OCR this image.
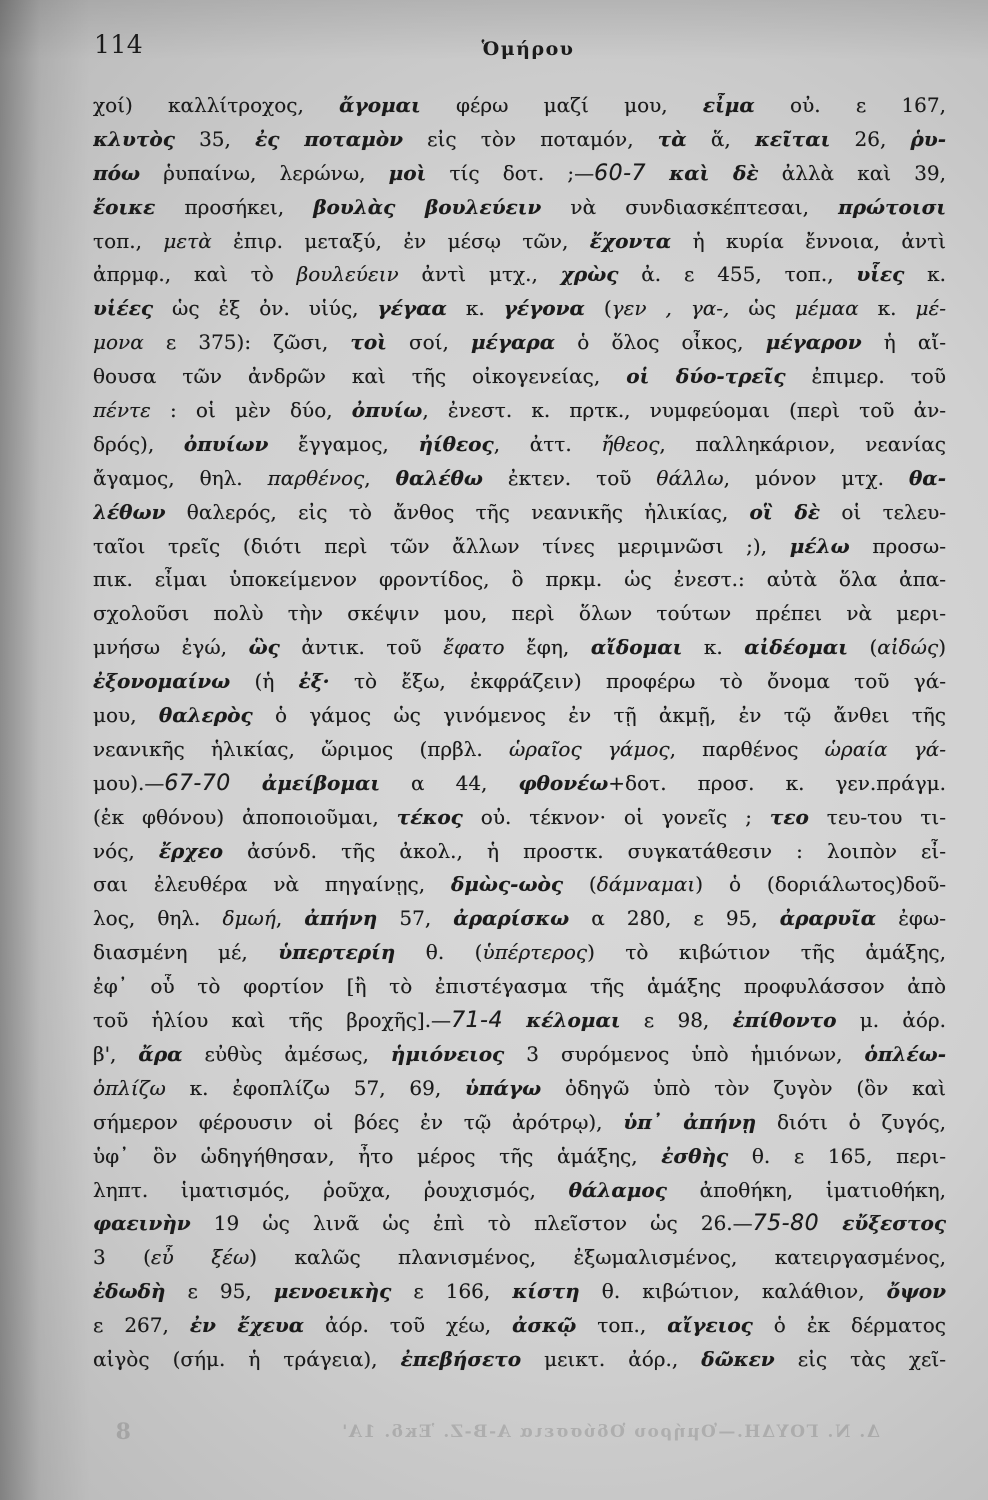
114	Ὁμήρου
χοί) καλλίτροχος, ἄγομαι φέρω μαζί μου, εἶμα οὐ. ε 167,
κλυτὸς 35, ἐς ποταμὸν εἰς τὸν ποταμόν, τὰ ἅ, κεῖται 26, ῥυ-
πόω ῥυπαίνω, λερώνω, μοὶ τίς δοτ. ;—60-7 καὶ δὲ ἀλλὰ καὶ 39,
ἔοικε προσήκει, βουλὰς βουλεύειν νὰ συνδιασκέπτεσαι, πρώτοισι
τοπ., μετὰ ἐπιρ. μεταξύ, ἐν μέσῳ τῶν, ἔχοντα ἡ κυρία ἔννοια, ἀντὶ
ἀπρμφ., καὶ τὸ βουλεύειν ἀντὶ μτχ., χρὼς ἀ. ε 455, τοπ., υἷες κ.
υἱέες ὡς ἐξ ὀν. υἱύς, γέγαα κ. γέγονα (γεν , γα-, ὡς μέμαα κ. μέ-
μονα ε 375): ζῶσι, τοὶ σοί, μέγαρα ὁ ὅλος οἶκος, μέγαρον ἡ αἴ-
θουσα τῶν ἀνδρῶν καὶ τῆς οἰκογενείας, οἱ δύο-τρεῖς ἐπιμερ. τοῦ
πέντε : οἱ μὲν δύο, ὀπυίω, ἐνεστ. κ. πρτκ., νυμφεύομαι (περὶ τοῦ ἀν-
δρός), ὀπυίων ἔγγαμος, ἠίθεος, ἀττ. ἤθεος, παλληκάριον, νεανίας
ἄγαμος, θηλ. παρθένος, θαλέθω ἐκτεν. τοῦ θάλλω, μόνον μτχ. θα-
λέθων θαλερός, εἰς τὸ ἄνθος τῆς νεανικῆς ἡλικίας, οἳ δὲ οἱ τελευ-
ταῖοι τρεῖς (διότι περὶ τῶν ἄλλων τίνες μεριμνῶσι ;), μέλω προσω-
πικ. εἶμαι ὑποκείμενον φροντίδος, ὃ πρκμ. ὡς ἐνεστ.: αὐτὰ ὅλα ἀπα-
σχολοῦσι πολὺ τὴν σκέψιν μου, περὶ ὅλων τούτων πρέπει νὰ μερι-
μνήσω ἐγώ, ὣς ἀντικ. τοῦ ἔφατο ἔφη, αἴδομαι κ. αἰδέομαι (αἰδώς)
ἐξονομαίνω (ἡ ἐξ· τὸ ἔξω, ἐκφράζειν) προφέρω τὸ ὄνομα τοῦ γά-
μου, θαλερὸς ὁ γάμος ὡς γινόμενος ἐν τῇ ἀκμῇ, ἐν τῷ ἄνθει τῆς
νεανικῆς ἡλικίας, ὥριμος (πρβλ. ὡραῖος γάμος, παρθένος ὡραία γά-
μου).—67-70 ἀμείβομαι α 44, φθονέω+δοτ. προσ. κ. γεν.πράγμ.
(ἐκ φθόνου) ἀποποιοῦμαι, τέκος οὐ. τέκνον· οἱ γονεῖς ; τεο τευ-του τι-
νός, ἔρχεο ἀσύνδ. τῆς ἀκολ., ἡ προστκ. συγκατάθεσιν : λοιπὸν εἶ-
σαι ἐλευθέρα νὰ πηγαίνῃς, δμὼς-ωὸς (δάμναμαι) ὁ (δοριάλωτος)δοῦ-
λος, θηλ. δμωή, ἀπήνη 57, ἀραρίσκω α 280, ε 95, ἀραρυῖα ἐφω-
διασμένη μέ, ὑπερτερίη θ. (ὑπέρτερος) τὸ κιβώτιον τῆς ἁμάξης,
ἐφ᾽ οὗ τὸ φορτίον [ἢ τὸ ἐπιστέγασμα τῆς ἁμάξης προφυλάσσον ἀπὸ
τοῦ ἡλίου καὶ τῆς βροχῆς].—71-4 κέλομαι ε 98, ἐπίθοντο μ. ἀόρ.
β', ἄρα εὐθὺς ἀμέσως, ἡμιόνειος 3 συρόμενος ὑπὸ ἡμιόνων, ὁπλέω-
ὁπλίζω κ. ἐφοπλίζω 57, 69, ὑπάγω ὁδηγῶ ὑπὸ τὸν ζυγὸν (ὃν καὶ
σήμερον φέρουσιν οἱ βόες ἐν τῷ ἀρότρῳ), ὑπ᾽ ἀπήνῃ διότι ὁ ζυγός,
ὑφ᾽ ὃν ὡδηγήθησαν, ἦτο μέρος τῆς ἁμάξης, ἐσθὴς θ. ε 165, περι-
ληπτ. ἱματισμός, ῥοῦχα, ῥουχισμός, θάλαμος ἀποθήκη, ἱματιοθήκη,
φαεινὴν 19 ὡς λινᾶ ὡς ἐπὶ τὸ πλεῖστον ὡς 26.—75-80 εὔξεστος
3 (εὖ ξέω) καλῶς πλανισμένος, ἐξωμαλισμένος, κατειργασμένος,
ἐδωδὴ ε 95, μενοεικὴς ε 166, κίστη θ. κιβώτιον, καλάθιον, ὄψον
ε 267, ἐν ἔχευα ἀόρ. τοῦ χέω, ἀσκῷ τοπ., αἴγειος ὁ ἐκ δέρματος
αἰγὸς (σήμ. ἡ τράγεια), ἐπεβήσετο μεικτ. ἀόρ., δῶκεν εἰς τὰς χεῖ-
Δ. Ν. ΓΟΥΔΗ.—Ὁμήρου Ὀδύσσεια Α-Β-Ζ. Ἐκδ. 1Α'
8
